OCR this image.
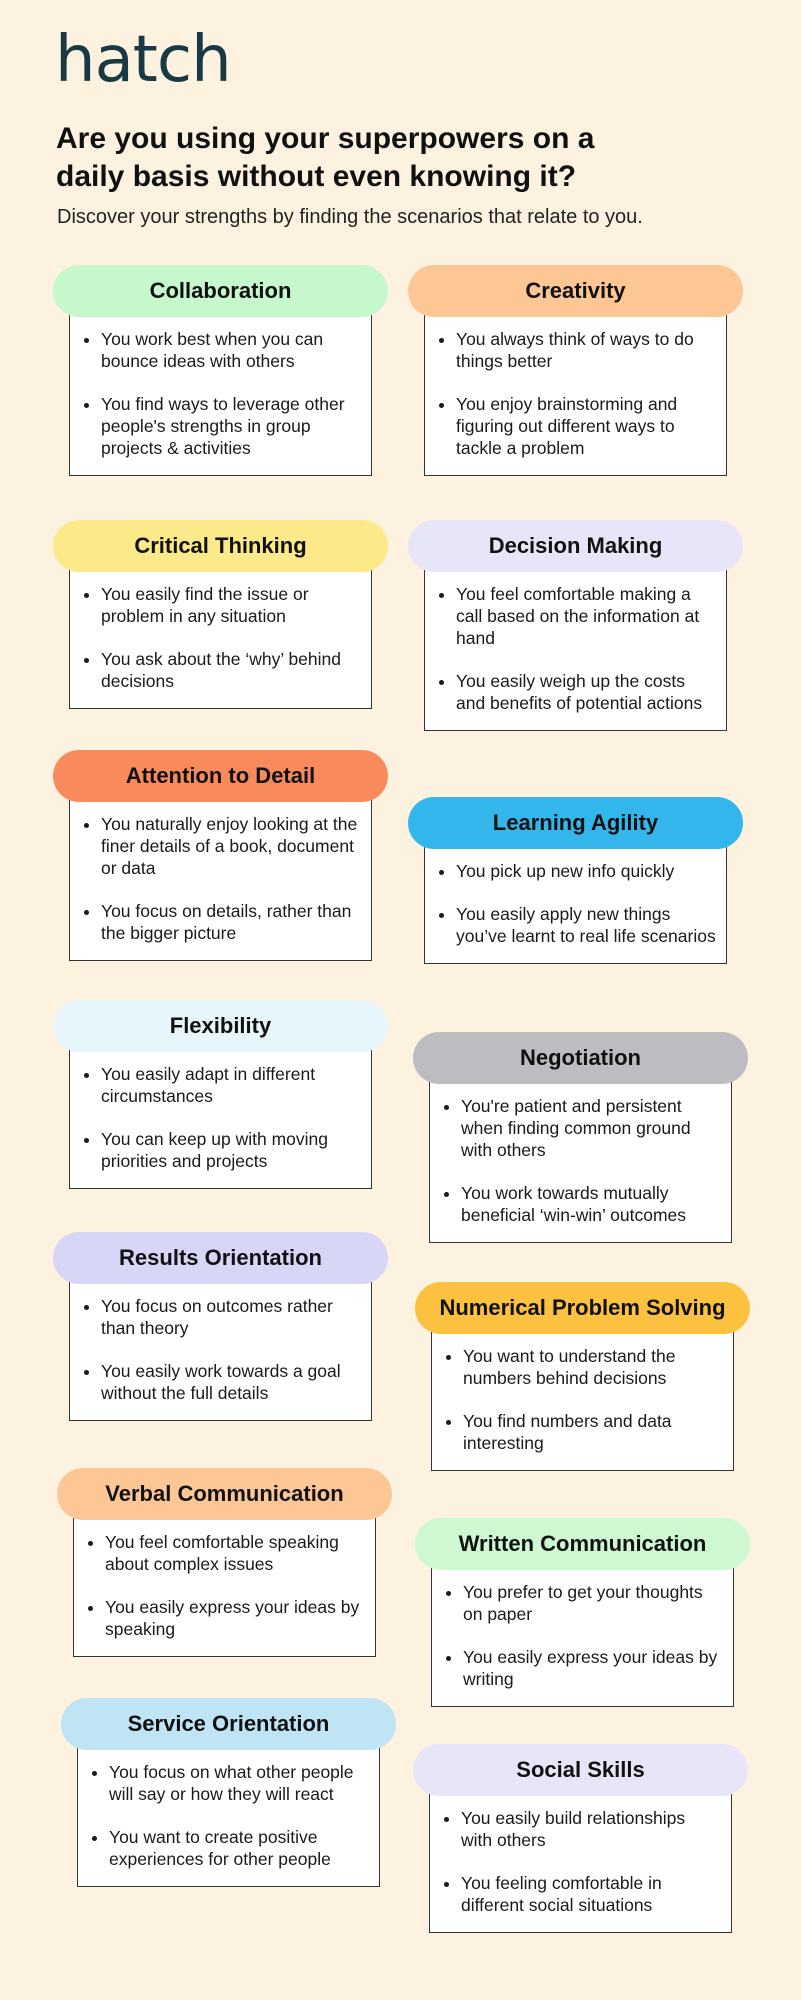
hatch
Are you using your superpowers on a
daily basis without even knowing it?

Discover your strengths by finding the scenarios that relate to you.

Collaboration
• You work best when you can bounce ideas with others
• You find ways to leverage other people's strengths in group projects & activities
Critical Thinking
• You easily find the issue or problem in any situation
• You ask about the ‘why’ behind decisions
Attention to Detail
• You naturally enjoy looking at the finer details of a book, document or data
• You focus on details, rather than the bigger picture
Flexibility
• You easily adapt in different circumstances
• You can keep up with moving priorities and projects
Results Orientation
• You focus on outcomes rather than theory
• You easily work towards a goal without the full details
Verbal Communication
• You feel comfortable speaking about complex issues
• You easily express your ideas by speaking
Service Orientation
• You focus on what other people will say or how they will react
• You want to create positive experiences for other people
Creativity
• You always think of ways to do things better
• You enjoy brainstorming and figuring out different ways to tackle a problem
Decision Making
• You feel comfortable making a call based on the information at hand
• You easily weigh up the costs and benefits of potential actions
Learning Agility
• You pick up new info quickly
• You easily apply new things you’ve learnt to real life scenarios
Negotiation
• You're patient and persistent when finding common ground with others
• You work towards mutually beneficial ‘win-win’ outcomes
Numerical Problem Solving
• You want to understand the numbers behind decisions
• You find numbers and data interesting
Written Communication
• You prefer to get your thoughts on paper
• You easily express your ideas by writing
Social Skills
• You easily build relationships with others
• You feeling comfortable in different social situations
